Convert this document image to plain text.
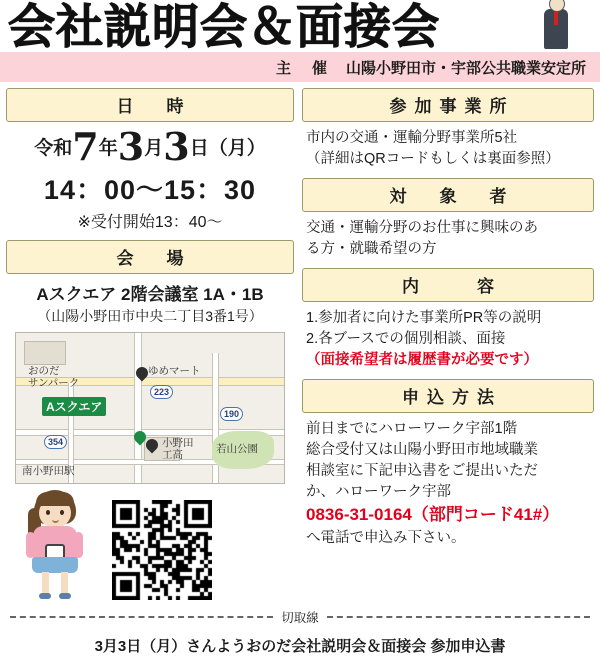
会社説明会＆面接会
主　催 山陽小野田市・宇部公共職業安定所
日　時
令和7年3月3日（月）
14：00〜15：30
※受付開始13：40〜
会　場
Aスクエア 2階会議室 1A・1B
（山陽小野田市中央二丁目3番1号）
223
190
354
おのだ
サンパーク
ゆめマート
小野田
工高
若山公園
南小野田駅
Aスクエア
参加事業所
市内の交通・運輸分野事業所5社
（詳細はQRコードもしくは裏面参照）
対　象　者
交通・運輸分野のお仕事に興味のあ
る方・就職希望の方
内　　容
1.参加者に向けた事業所PR等の説明
2.各ブースでの個別相談、面接
（面接希望者は履歴書が必要です）
申込方法
前日までにハローワーク宇部1階
総合受付又は山陽小野田市地域職業
相談室に下記申込書をご提出いただ
か、ハローワーク宇部
0836-31-0164（部門コード41#）
へ電話で申込み下さい。
切取線
3月3日（月）さんようおのだ会社説明会＆面接会 参加申込書
